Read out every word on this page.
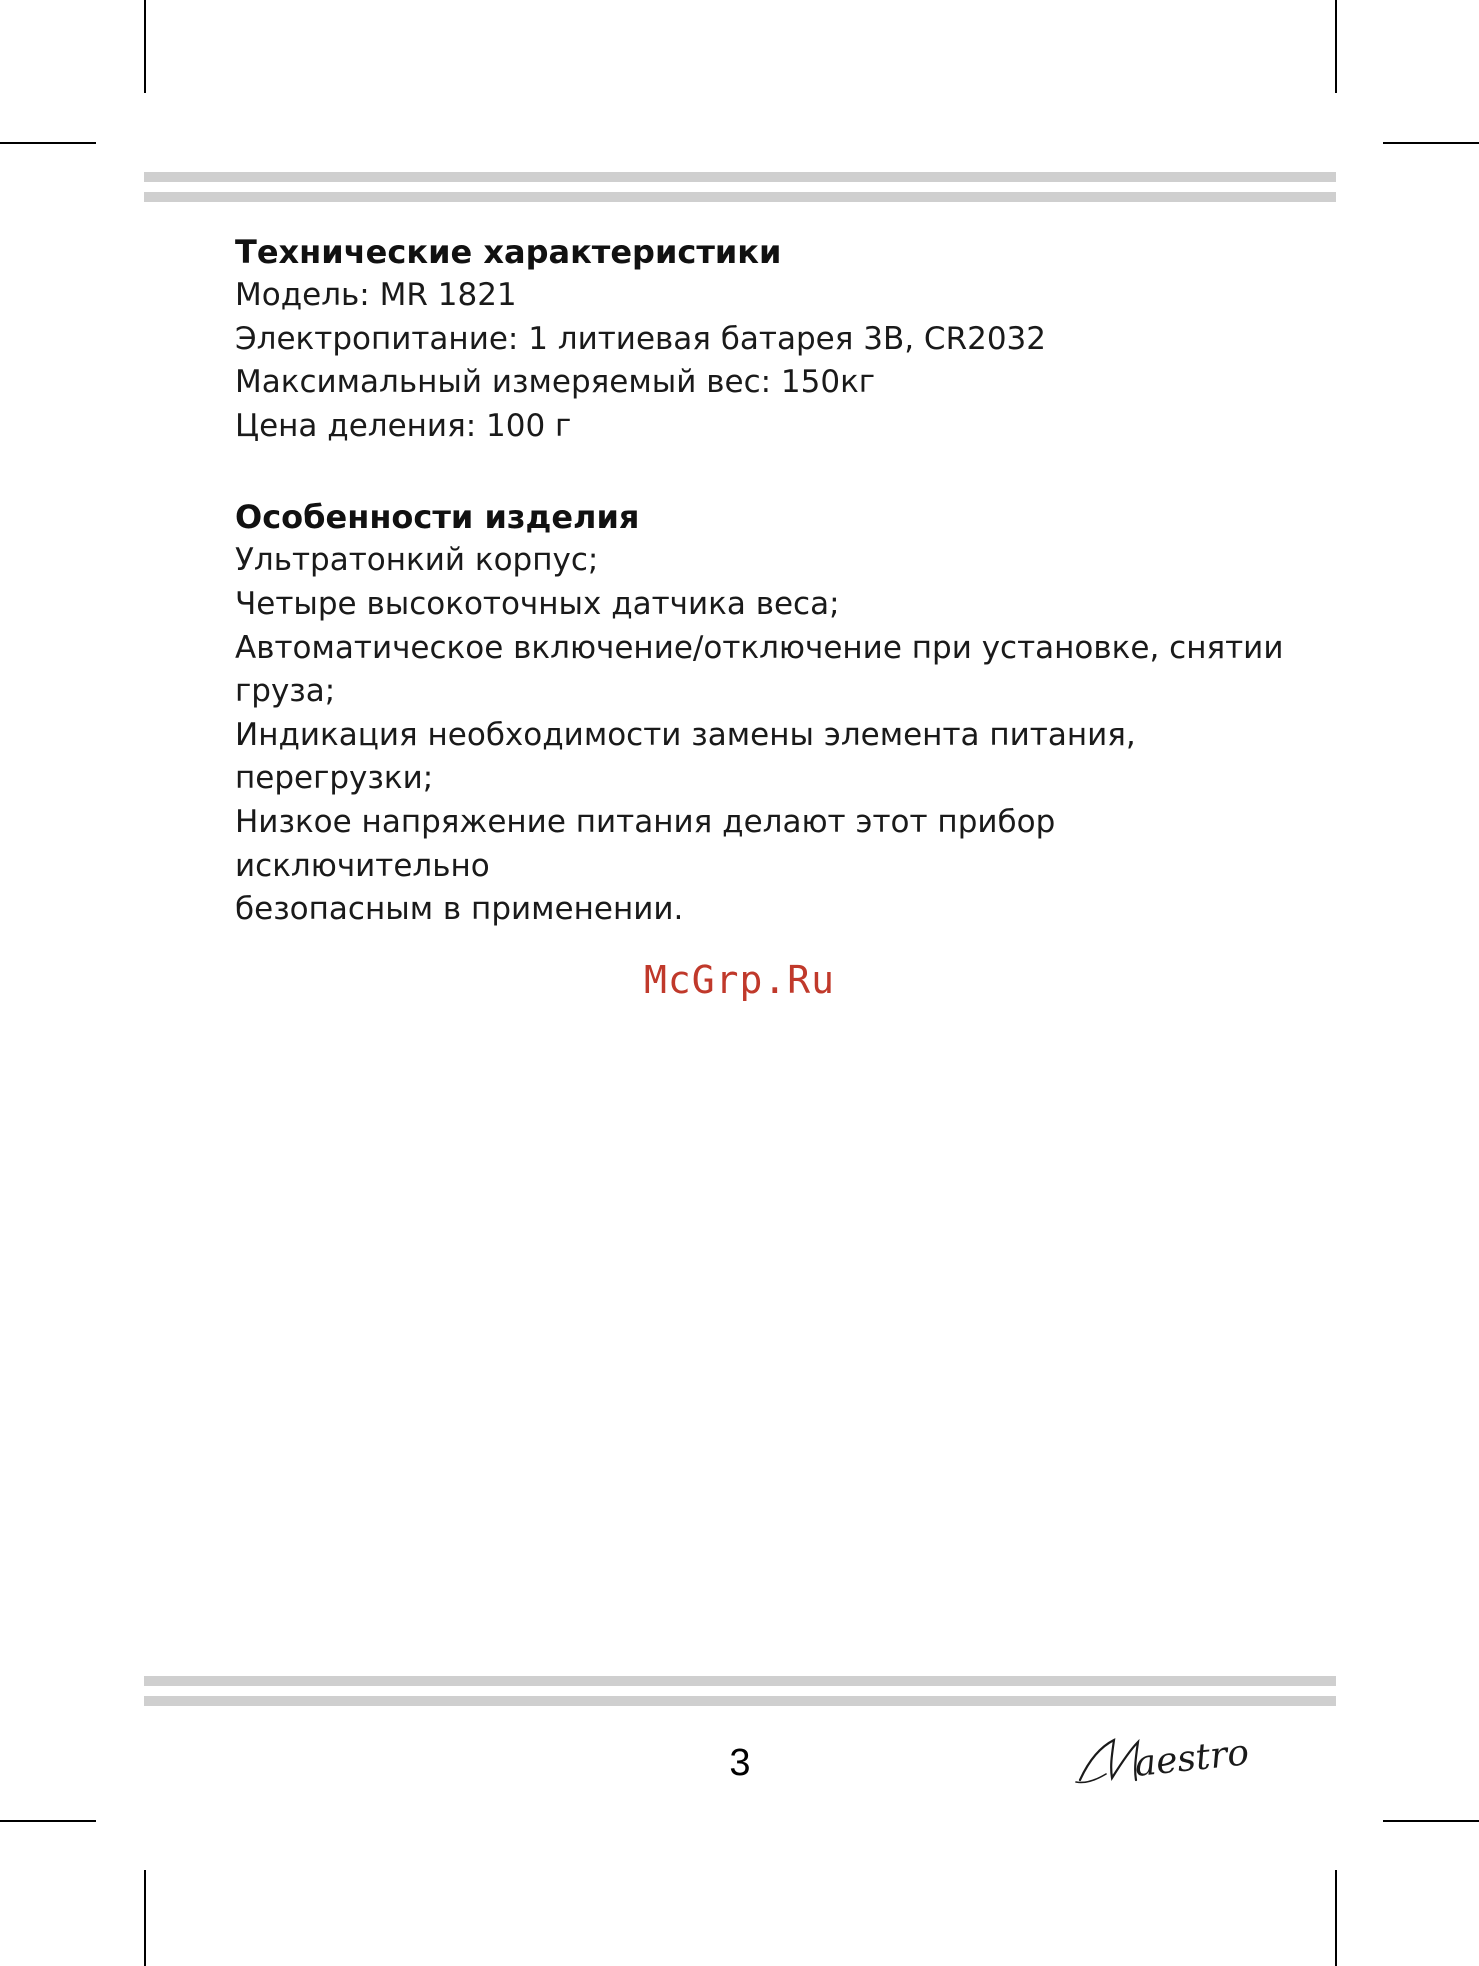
Технические характеристики

Модель: MR 1821

Электропитание: 1 литиевая батарея 3В, CR2032

Максимальный измеряемый вес: 150кг

Цена деления: 100 г

Особенности изделия

Ультратонкий корпус;

Четыре высокоточных датчика веса;

Автоматическое включение/отключение при установке, снятии

груза;

Индикация необходимости замены элемента питания,

перегрузки;

Низкое напряжение питания делают этот прибор исключительно

безопасным в применении.

McGrp.Ru
3	aestro
